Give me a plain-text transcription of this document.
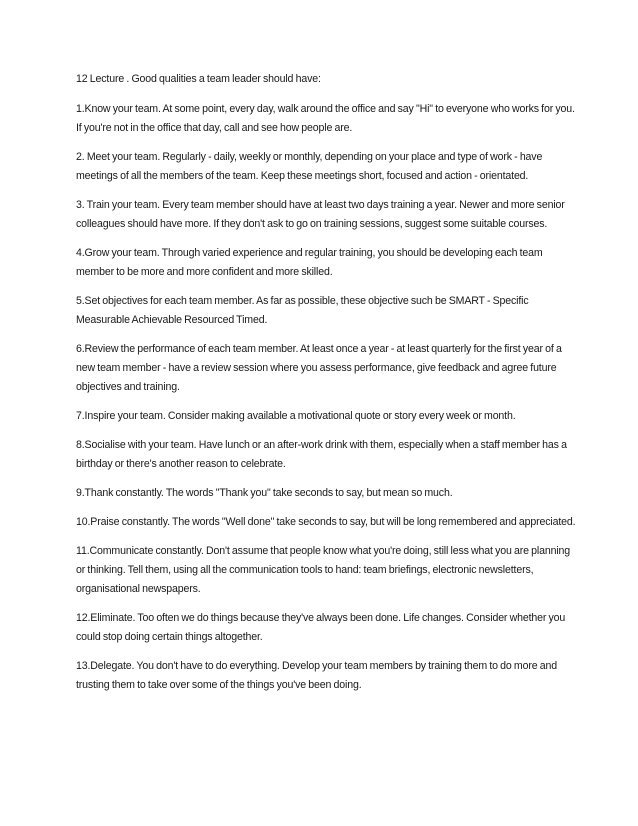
12 Lecture . Good qualities a team leader should have:

1.Know your team. At some point, every day, walk around the office and say "Hi" to everyone who works for you. If you're not in the office that day, call and see how people are.

2. Meet your team. Regularly - daily, weekly or monthly, depending on your place and type of work - have meetings of all the members of the team. Keep these meetings short, focused and action - orientated.

3. Train your team. Every team member should have at least two days training a year. Newer and more senior colleagues should have more. If they don't ask to go on training sessions, suggest some suitable courses.

4.Grow your team. Through varied experience and regular training, you should be developing each team member to be more and more confident and more skilled.

5.Set objectives for each team member. As far as possible, these objective such be SMART - Specific Measurable Achievable Resourced Timed.

6.Review the performance of each team member. At least once a year - at least quarterly for the first year of a new team member - have a review session where you assess performance, give feedback and agree future objectives and training.

7.Inspire your team. Consider making available a motivational quote or story every week or month.

8.Socialise with your team. Have lunch or an after-work drink with them, especially when a staff member has a birthday or there's another reason to celebrate.

9.Thank constantly. The words "Thank you" take seconds to say, but mean so much.

10.Praise constantly. The words "Well done" take seconds to say, but will be long remembered and appreciated.

11.Communicate constantly. Don't assume that people know what you're doing, still less what you are planning or thinking. Tell them, using all the communication tools to hand: team briefings, electronic newsletters, organisational newspapers.

12.Eliminate. Too often we do things because they've always been done. Life changes. Consider whether you could stop doing certain things altogether.

13.Delegate. You don't have to do everything. Develop your team members by training them to do more and trusting them to take over some of the things you've been doing.
